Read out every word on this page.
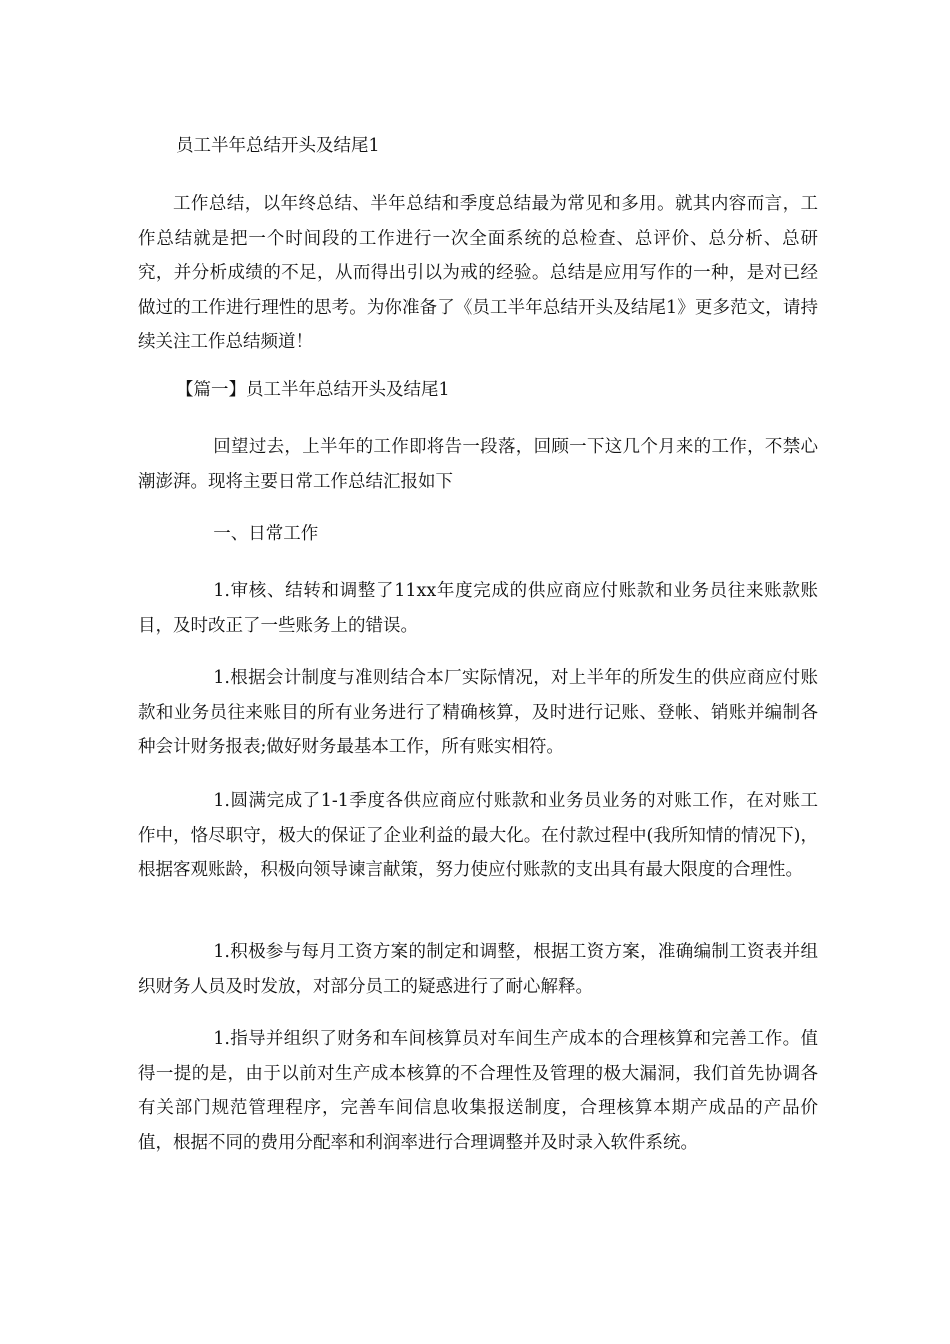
员工半年总结开头及结尾1

工作总结，以年终总结、半年总结和季度总结最为常见和多用。就其内容而言，工作总结就是把一个时间段的工作进行一次全面系统的总检查、总评价、总分析、总研究，并分析成绩的不足，从而得出引以为戒的经验。总结是应用写作的一种，是对已经做过的工作进行理性的思考。为你准备了《员工半年总结开头及结尾1》更多范文，请持续关注工作总结频道！

【篇一】员工半年总结开头及结尾1

回望过去，上半年的工作即将告一段落，回顾一下这几个月来的工作，不禁心潮澎湃。现将主要日常工作总结汇报如下

一、日常工作

1.审核、结转和调整了11xx年度完成的供应商应付账款和业务员往来账款账目，及时改正了一些账务上的错误。

1.根据会计制度与准则结合本厂实际情况，对上半年的所发生的供应商应付账款和业务员往来账目的所有业务进行了精确核算，及时进行记账、登帐、销账并编制各种会计财务报表;做好财务最基本工作，所有账实相符。

1.圆满完成了1-1季度各供应商应付账款和业务员业务的对账工作，在对账工作中，恪尽职守，极大的保证了企业利益的最大化。在付款过程中(我所知情的情况下)，根据客观账龄，积极向领导谏言献策，努力使应付账款的支出具有最大限度的合理性。

1.积极参与每月工资方案的制定和调整，根据工资方案，准确编制工资表并组织财务人员及时发放，对部分员工的疑惑进行了耐心解释。

1.指导并组织了财务和车间核算员对车间生产成本的合理核算和完善工作。值得一提的是，由于以前对生产成本核算的不合理性及管理的极大漏洞，我们首先协调各有关部门规范管理程序，完善车间信息收集报送制度，合理核算本期产成品的产品价值，根据不同的费用分配率和利润率进行合理调整并及时录入软件系统。
